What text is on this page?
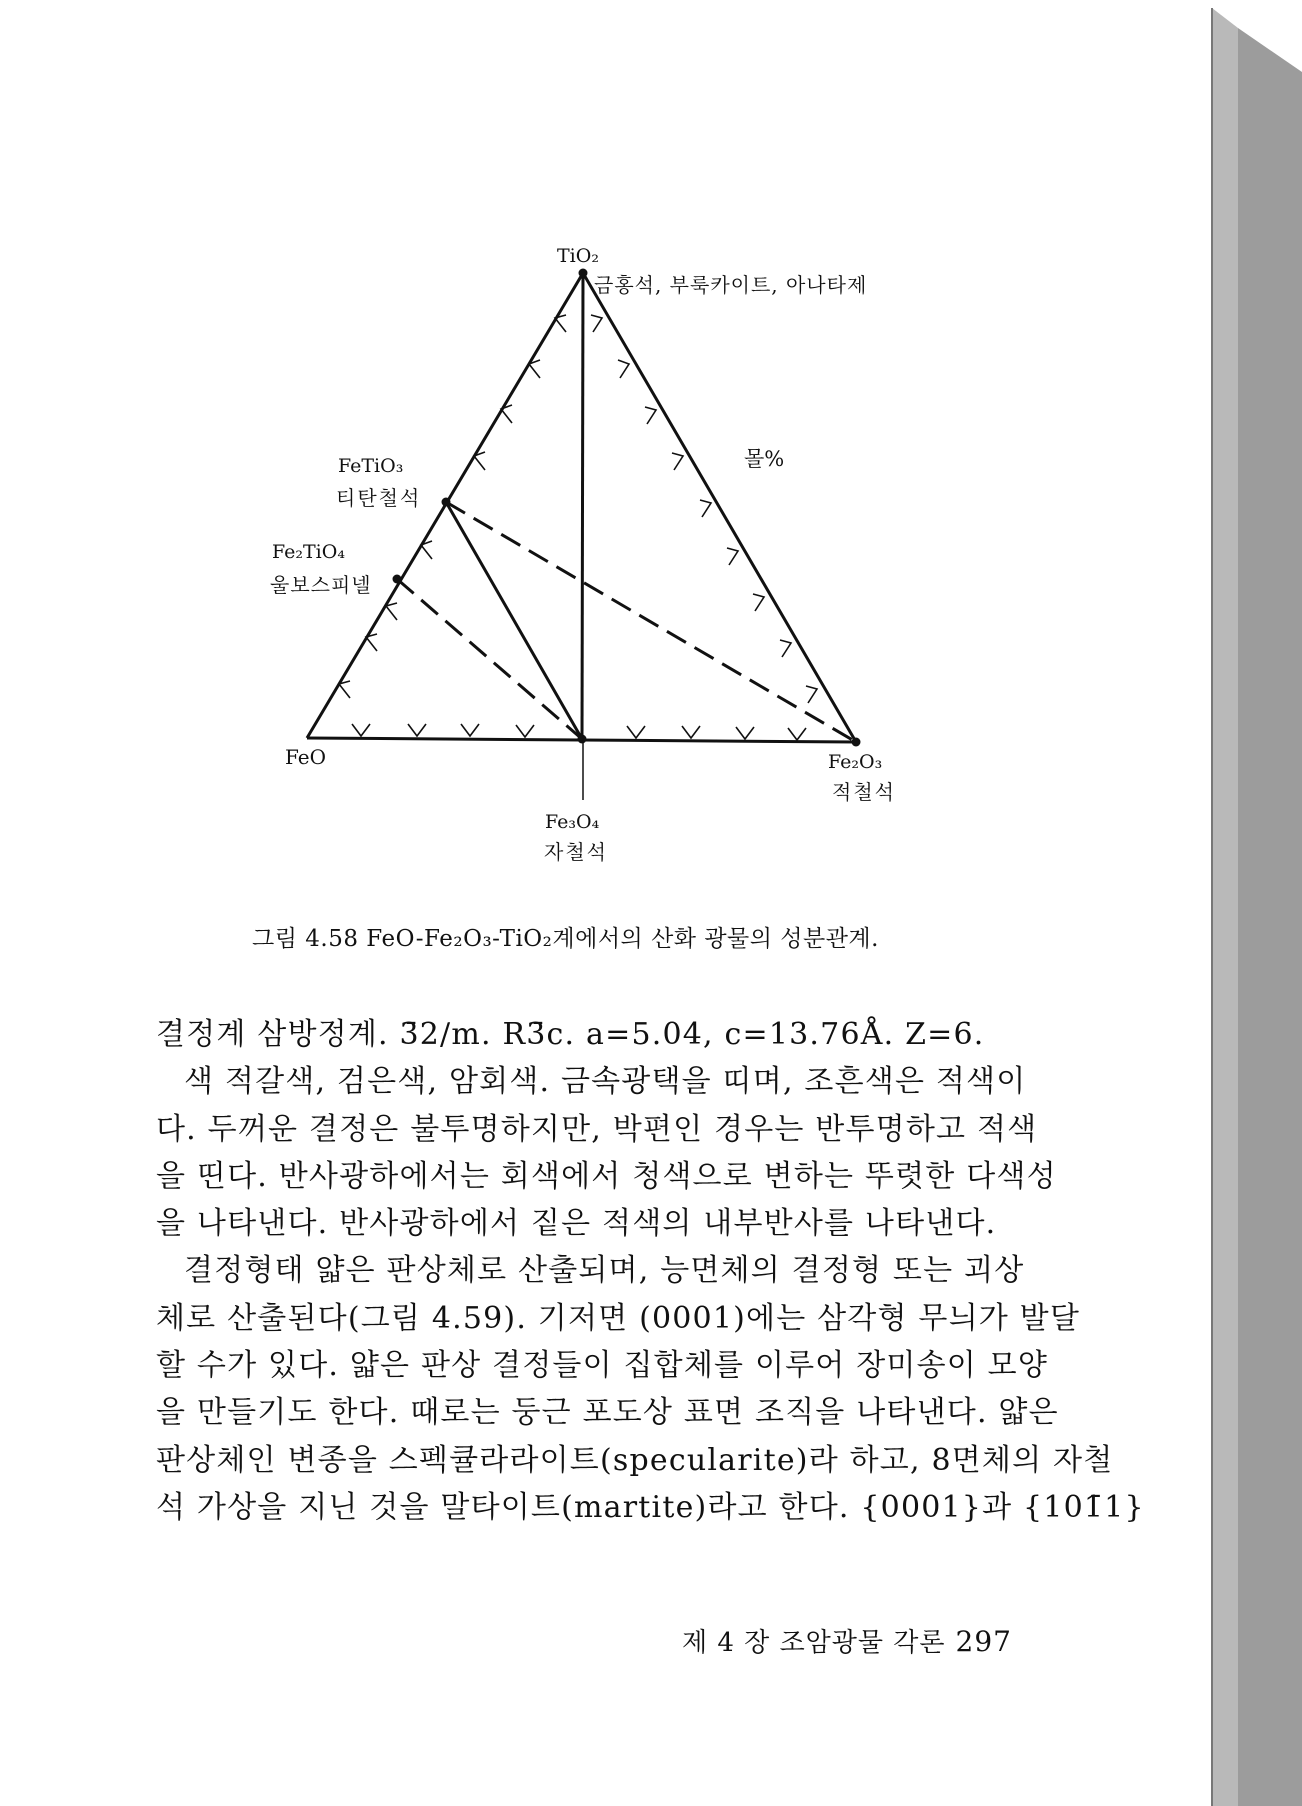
TiO₂
금홍석, 부룩카이트, 아나타제
몰%
FeTiO₃
티탄철석
Fe₂TiO₄
울보스피넬
FeO
Fe₃O₄
자철석
Fe₂O₃
적철석
그림 4.58 FeO-Fe₂O₃-TiO₂계에서의 산화 광물의 성분관계.
결정계 삼방정계. 3̄2/m. R3̄c. a=5.04, c=13.76Å. Z=6.
색 적갈색, 검은색, 암회색. 금속광택을 띠며, 조흔색은 적색이
다. 두꺼운 결정은 불투명하지만, 박편인 경우는 반투명하고 적색
을 띤다. 반사광하에서는 회색에서 청색으로 변하는 뚜렷한 다색성
을 나타낸다. 반사광하에서 짙은 적색의 내부반사를 나타낸다.
결정형태 얇은 판상체로 산출되며, 능면체의 결정형 또는 괴상
체로 산출된다(그림 4.59). 기저면 (0001)에는 삼각형 무늬가 발달
할 수가 있다. 얇은 판상 결정들이 집합체를 이루어 장미송이 모양
을 만들기도 한다. 때로는 둥근 포도상 표면 조직을 나타낸다. 얇은
판상체인 변종을 스펙큘라라이트(specularite)라 하고, 8면체의 자철
석 가상을 지닌 것을 말타이트(martite)라고 한다. {0001}과 {101̄1}
제 4 장 조암광물 각론 297
